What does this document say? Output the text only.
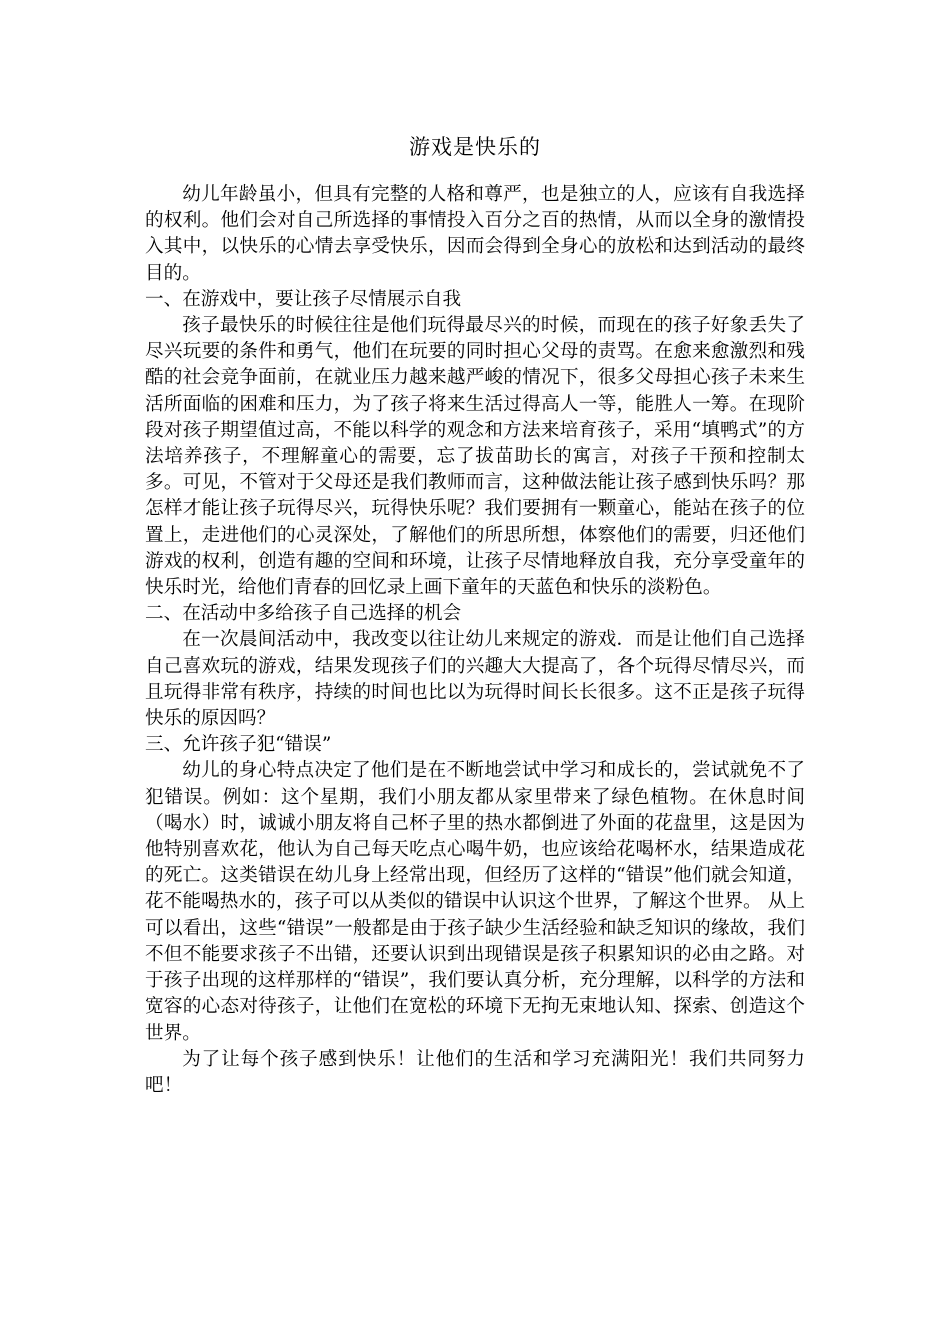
游戏是快乐的

幼儿年龄虽小，但具有完整的人格和尊严，也是独立的人，应该有自我选择的权利。他们会对自己所选择的事情投入百分之百的热情，从而以全身的激情投入其中，以快乐的心情去享受快乐，因而会得到全身心的放松和达到活动的最终目的。

一、在游戏中，要让孩子尽情展示自我

孩子最快乐的时候往往是他们玩得最尽兴的时候，而现在的孩子好象丢失了尽兴玩要的条件和勇气，他们在玩要的同时担心父母的责骂。在愈来愈激烈和残酷的社会竞争面前，在就业压力越来越严峻的情况下，很多父母担心孩子未来生活所面临的困难和压力，为了孩子将来生活过得高人一等，能胜人一筹。在现阶段对孩子期望值过高，不能以科学的观念和方法来培育孩子，采用“填鸭式”的方法培养孩子，不理解童心的需要，忘了拔苗助长的寓言，对孩子干预和控制太多。可见，不管对于父母还是我们教师而言，这种做法能让孩子感到快乐吗？那怎样才能让孩子玩得尽兴，玩得快乐呢？我们要拥有一颗童心，能站在孩子的位置上，走进他们的心灵深处，了解他们的所思所想，体察他们的需要，归还他们游戏的权利，创造有趣的空间和环境，让孩子尽情地释放自我，充分享受童年的快乐时光，给他们青春的回忆录上画下童年的天蓝色和快乐的淡粉色。

二、在活动中多给孩子自己选择的机会

在一次晨间活动中，我改变以往让幼儿来规定的游戏．而是让他们自己选择自己喜欢玩的游戏，结果发现孩子们的兴趣大大提高了，各个玩得尽情尽兴，而且玩得非常有秩序，持续的时间也比以为玩得时间长长很多。这不正是孩子玩得快乐的原因吗？

三、允许孩子犯“错误”

幼儿的身心特点决定了他们是在不断地尝试中学习和成长的，尝试就免不了犯错误。例如：这个星期，我们小朋友都从家里带来了绿色植物。在休息时间（喝水）时，诚诚小朋友将自己杯子里的热水都倒进了外面的花盘里，这是因为他特别喜欢花，他认为自己每天吃点心喝牛奶，也应该给花喝杯水，结果造成花的死亡。这类错误在幼儿身上经常出现，但经历了这样的“错误”他们就会知道，花不能喝热水的，孩子可以从类似的错误中认识这个世界，了解这个世界。 从上可以看出，这些“错误”一般都是由于孩子缺少生活经验和缺乏知识的缘故，我们不但不能要求孩子不出错，还要认识到出现错误是孩子积累知识的必由之路。对于孩子出现的这样那样的“错误”，我们要认真分析，充分理解，以科学的方法和宽容的心态对待孩子，让他们在宽松的环境下无拘无束地认知、探索、创造这个世界。

为了让每个孩子感到快乐！让他们的生活和学习充满阳光！我们共同努力吧！
